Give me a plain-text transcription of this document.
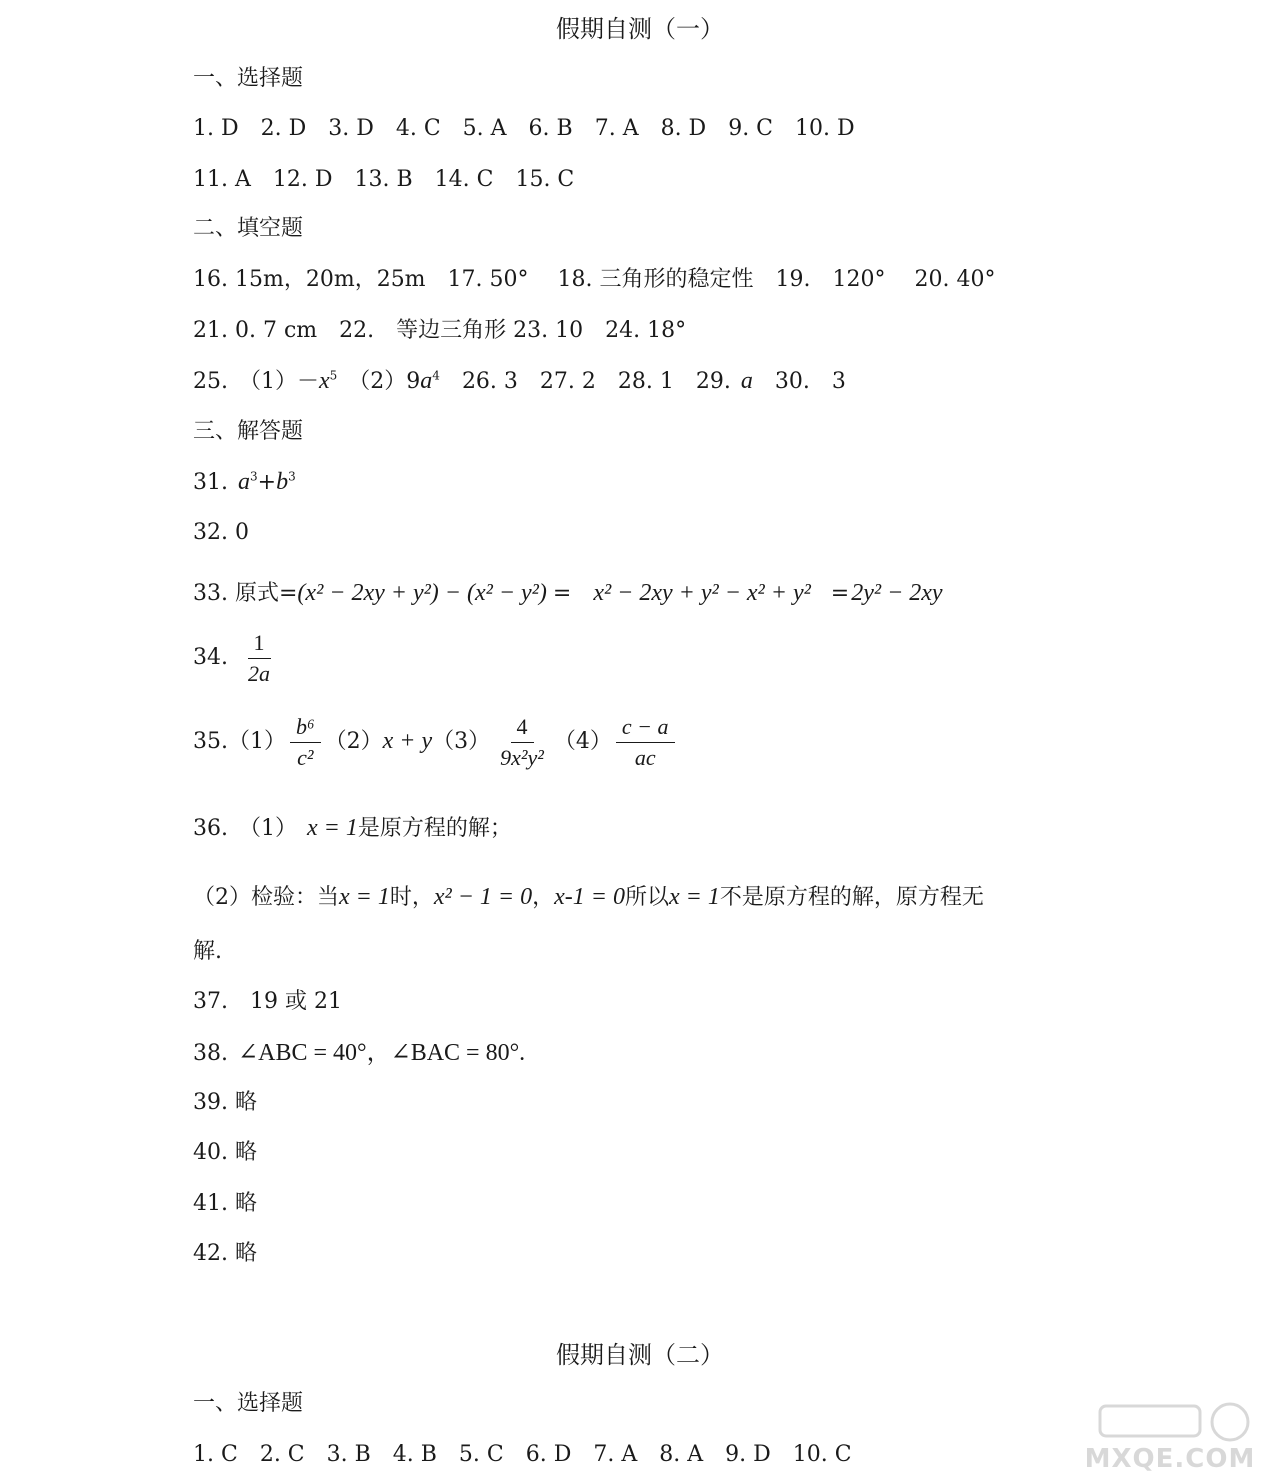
假期自测（一）
一、选择题
1. D　2. D　3. D　4. C　5. A　6. B　7. A　8. D　9. C　10. D
11. A　12. D　13. B　14. C　15. C
二、填空题
16. 15m，20m，25m　17. 50°　 18. 三角形的稳定性　19.　120°　 20. 40°
21. 0. 7 cm　22.　等边三角形 23. 10　24. 18°
25.　$(1)-x^5$　$(2)9a^4$　26. 3　27. 2　28. 1　29. a　30.　3
三、解答题
31. $a^3+b^3$
32. 0
33. 原式=(x² − 2xy + y²) − (x² − y²) = x² − 2xy + y² − x² + y² =2y² − 2xy
34. $\frac{1}{2a}$
$35.(1) \frac{\text{b⁶}}{\text{c²}} (2)x + y(3) \frac{4}{\text{9x²y²}} (4) \frac{c - a}{ac}$
36.　（1） x = 1是原方程的解；
（2）检验：当x = 1时，x² − 1 = 0，x-1 = 0所以x = 1不是原方程的解，原方程无
解.
37.　19 或 21
38. ∠ABC = 40°，∠BAC = 80°.
39. 略
40. 略
41. 略
42. 略
假期自测（二）
一、选择题
1. C　2. C　3. B　4. B　5. C　6. D　7. A　8. A　9. D　10. C	MXQE.COM
